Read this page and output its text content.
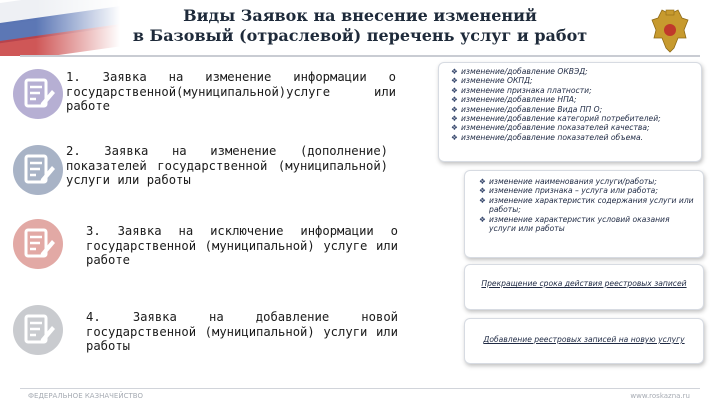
Виды Заявок на внесение изменений
в Базовый (отраслевой) перечень услуг и работ
1. Заявка на изменение информации о государственной(муниципальной)услуге или работе
2. Заявка на изменение (дополнение) показателей государственной (муниципальной) услуги или работы
3. Заявка на исключение информации о государственной (муниципальной) услуге или работе
4. Заявка на добавление новой государственной (муниципальной) услуги или работы
❖ изменение/добавление ОКВЭД;
❖ изменение ОКПД;
❖ изменение признака платности;
❖ изменение/добавление НПА;
❖ изменение/добавление Вида ПП О;
❖ изменение/добавление категорий потребителей;
❖ изменение/добавление показателей качества;
❖ изменение/добавление показателей объема.
❖ изменение наименования услуги/работы;
❖ изменение признака – услуга или работа;
❖ изменение характеристик содержания услуги или работы;
❖ изменение характеристик условий оказания услуги или работы
Прекращение срока действия реестровых записей
Добавление реестровых записей на новую услугу
ФЕДЕРАЛЬНОЕ КАЗНАЧЕЙСТВО	www.roskazna.ru
